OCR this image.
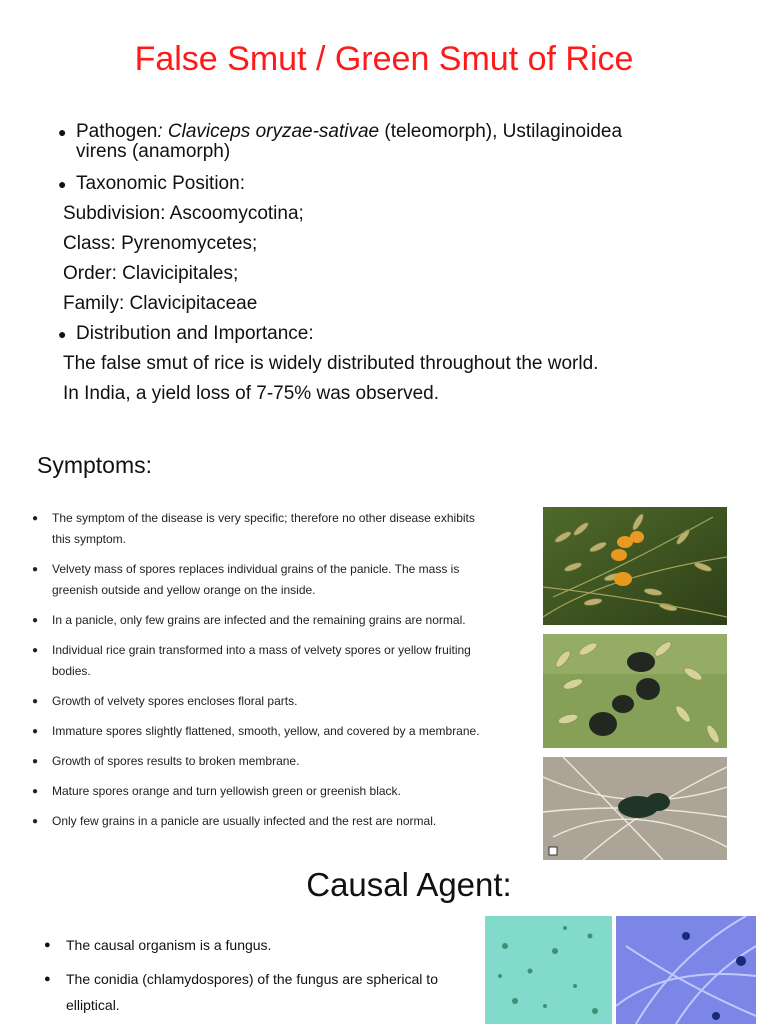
False Smut / Green Smut of Rice
● Pathogen: Claviceps oryzae-sativae (teleomorph), Ustilaginoidea
virens (anamorph)
● Taxonomic Position:
Subdivision: Ascoomycotina;
Class: Pyrenomycetes;
Order: Clavicipitales;
Family: Clavicipitaceae
● Distribution and Importance:
The false smut of rice is widely distributed throughout the world.
In India, a yield loss of 7-75% was observed.
Symptoms:
●	The symptom of the disease is very specific; therefore no other disease exhibits
this symptom.
●	Velvety mass of spores replaces individual grains of the panicle. The mass is
greenish outside and yellow orange on the inside.
●	In a panicle, only few grains are infected and the remaining grains are normal.
●	Individual rice grain transformed into a mass of velvety spores or yellow fruiting
bodies.
●	Growth of velvety spores encloses floral parts.
●	Immature spores slightly flattened, smooth, yellow, and covered by a membrane.
●	Growth of spores results to broken membrane.
●	Mature spores orange and turn yellowish green or greenish black.
●	Only few grains in a panicle are usually infected and the rest are normal.
Causal Agent:
●	The causal organism is a fungus.
●	The conidia (chlamydospores) of the fungus are spherical to
elliptical.
